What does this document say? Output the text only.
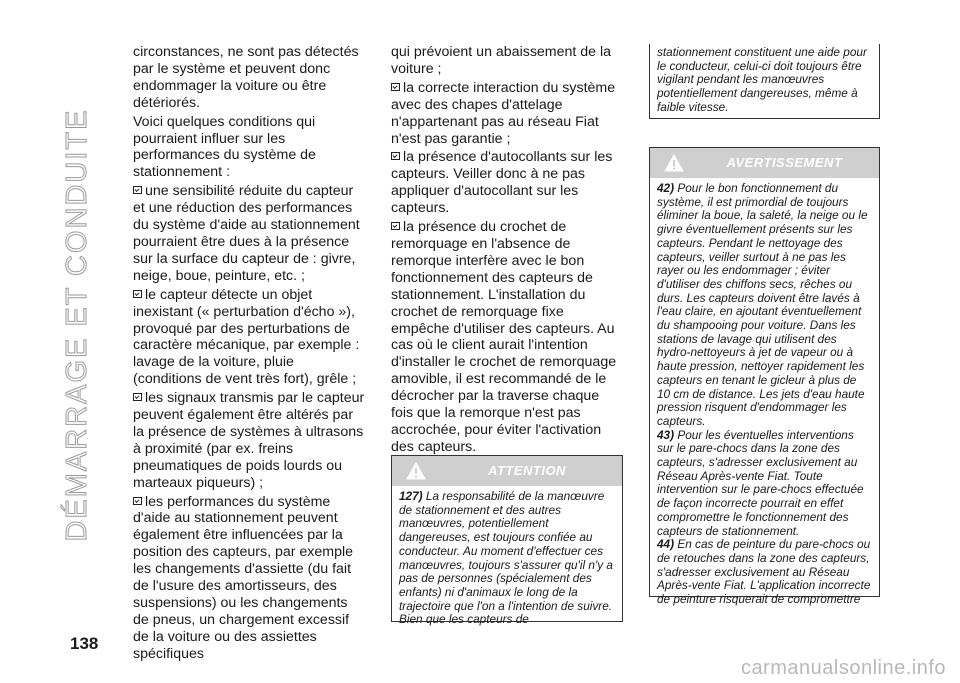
DÉMARRAGE ET CONDUITE
138

circonstances, ne sont pas détectés par le système et peuvent donc endommager la voiture ou être détériorés.

Voici quelques conditions qui pourraient influer sur les performances du système de stationnement :

une sensibilité réduite du capteur et une réduction des performances du système d'aide au stationnement pourraient être dues à la présence sur la surface du capteur de : givre, neige, boue, peinture, etc. ;

le capteur détecte un objet inexistant (« perturbation d'écho »), provoqué par des perturbations de caractère mécanique, par exemple : lavage de la voiture, pluie (conditions de vent très fort), grêle ;

les signaux transmis par le capteur peuvent également être altérés par la présence de systèmes à ultrasons à proximité (par ex. freins pneumatiques de poids lourds ou marteaux piqueurs) ;

les performances du système d'aide au stationnement peuvent également être influencées par la position des capteurs, par exemple les changements d'assiette (du fait de l'usure des amortisseurs, des suspensions) ou les changements de pneus, un chargement excessif de la voiture ou des assiettes spécifiques

qui prévoient un abaissement de la voiture ;

la correcte interaction du système avec des chapes d'attelage n'appartenant pas au réseau Fiat n'est pas garantie ;

la présence d'autocollants sur les capteurs. Veiller donc à ne pas appliquer d'autocollant sur les capteurs.

la présence du crochet de remorquage en l'absence de remorque interfère avec le bon fonctionnement des capteurs de stationnement. L'installation du crochet de remorquage fixe empêche d'utiliser des capteurs. Au cas où le client aurait l'intention d'installer le crochet de remorquage amovible, il est recommandé de le décrocher par la traverse chaque fois que la remorque n'est pas accrochée, pour éviter l'activation des capteurs.

ATTENTION

127) La responsabilité de la manœuvre de stationnement et des autres manœuvres, potentiellement dangereuses, est toujours confiée au conducteur. Au moment d'effectuer ces manœuvres, toujours s'assurer qu'il n'y a pas de personnes (spécialement des enfants) ni d'animaux le long de la trajectoire que l'on a l'intention de suivre. Bien que les capteurs de

stationnement constituent une aide pour le conducteur, celui-ci doit toujours être vigilant pendant les manœuvres potentiellement dangereuses, même à faible vitesse.
AVERTISSEMENT

42) Pour le bon fonctionnement du système, il est primordial de toujours éliminer la boue, la saleté, la neige ou le givre éventuellement présents sur les capteurs. Pendant le nettoyage des capteurs, veiller surtout à ne pas les rayer ou les endommager ; éviter d'utiliser des chiffons secs, rêches ou durs. Les capteurs doivent être lavés à l'eau claire, en ajoutant éventuellement du shampooing pour voiture. Dans les stations de lavage qui utilisent des hydro-nettoyeurs à jet de vapeur ou à haute pression, nettoyer rapidement les capteurs en tenant le gicleur à plus de 10 cm de distance. Les jets d'eau haute pression risquent d'endommager les capteurs.

43) Pour les éventuelles interventions sur le pare-chocs dans la zone des capteurs, s'adresser exclusivement au Réseau Après-vente Fiat. Toute intervention sur le pare-chocs effectuée de façon incorrecte pourrait en effet compromettre le fonctionnement des capteurs de stationnement.

44) En cas de peinture du pare-chocs ou de retouches dans la zone des capteurs, s'adresser exclusivement au Réseau Après-vente Fiat. L'application incorrecte de peinture risquerait de compromettre

carmanualsonline.info
